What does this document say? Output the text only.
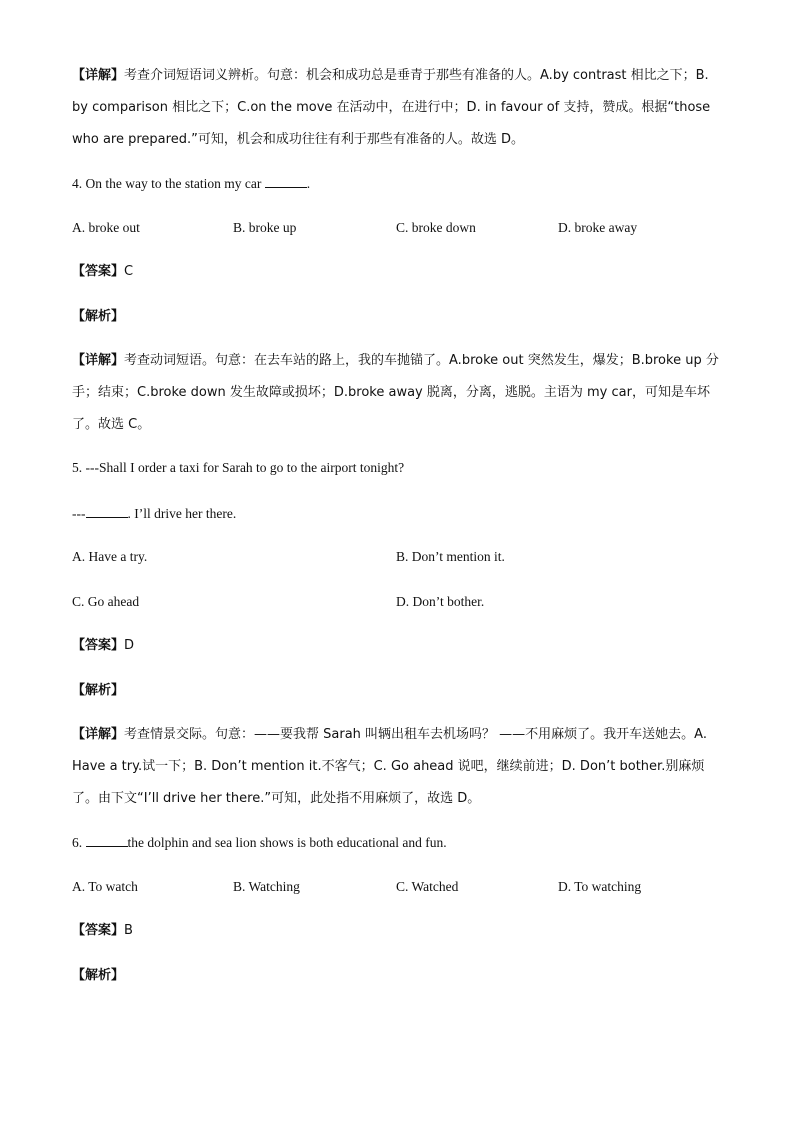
【详解】考查介词短语词义辨析。句意：机会和成功总是垂青于那些有准备的人。A.by contrast 相比之下；B. by comparison 相比之下；C.on the move 在活动中，在进行中；D. in favour of 支持，赞成。根据“those who are prepared.”可知，机会和成功往往有利于那些有准备的人。故选 D。
4. On the way to the station my car	.
A. broke out	B. broke up	C. broke down	D. broke away
【答案】C
【解析】
【详解】考查动词短语。句意：在去车站的路上，我的车抛锚了。A.broke out 突然发生，爆发；B.broke up 分手；结束；C.broke down 发生故障或损坏；D.broke away 脱离，分离，逃脱。主语为 my car，可知是车坏了。故选 C。
5. ---Shall I order a taxi for Sarah to go to the airport tonight?
---	. I’ll drive her there.
A. Have a try.	B. Don’t mention it.
C. Go ahead	D. Don’t bother.
【答案】D
【解析】
【详解】考查情景交际。句意：——要我帮 Sarah 叫辆出租车去机场吗？ ——不用麻烦了。我开车送她去。A. Have a try.试一下；B. Don’t mention it.不客气；C. Go ahead 说吧，继续前进；D. Don’t bother.别麻烦了。由下文“I’ll drive her there.”可知，此处指不用麻烦了，故选 D。
6.	the dolphin and sea lion shows is both educational and fun.
A. To watch	B. Watching	C. Watched	D. To watching
【答案】B
【解析】
